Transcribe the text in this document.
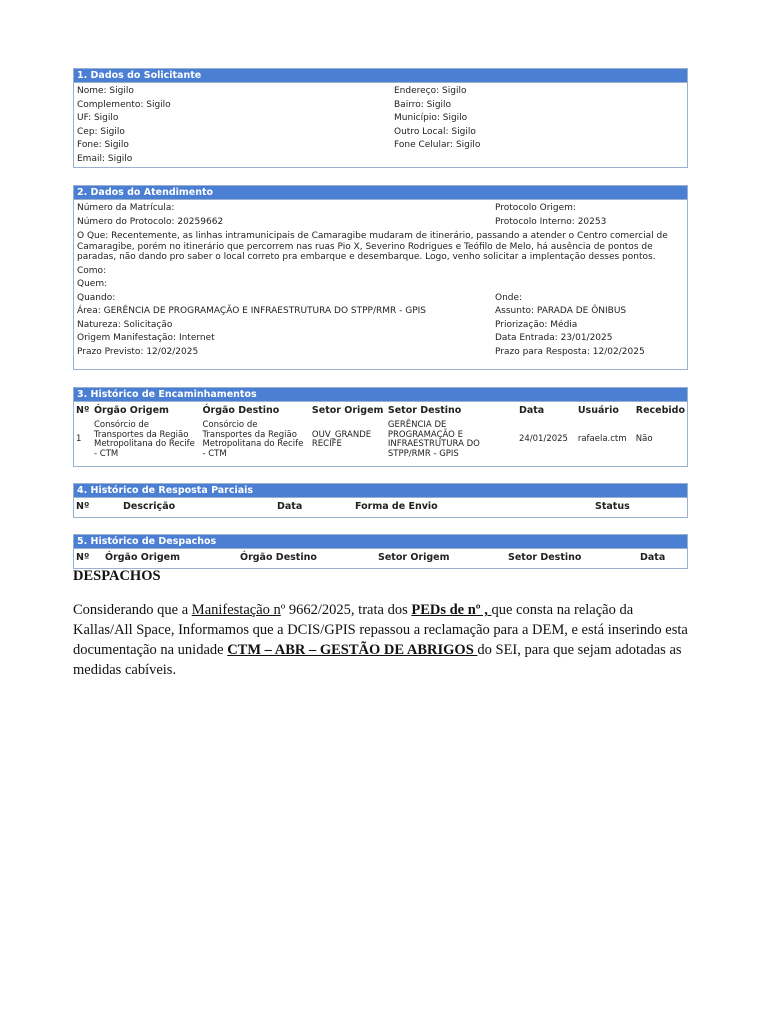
1. Dados do Solicitante
Nome: Sigilo
Complemento: Sigilo
UF: Sigilo
Cep: Sigilo
Fone: Sigilo
Email: Sigilo
Endereço: Sigilo
Bairro: Sigilo
Município: Sigilo
Outro Local: Sigilo
Fone Celular: Sigilo
2. Dados do Atendimento
Número da Matrícula:	Protocolo Origem:
Número do Protocolo: 20259662	Protocolo Interno: 20253
O Que: Recentemente, as linhas intramunicipais de Camaragibe mudaram de itinerário, passando a atender o Centro comercial de Camaragibe, porém no itinerário que percorrem nas ruas Pio X, Severino Rodrigues e Teófilo de Melo, há ausência de pontos de paradas, não dando pro saber o local correto pra embarque e desembarque. Logo, venho solicitar a implentação desses pontos.
Como:
Quem:
Quando:	Onde:
Área: GERÊNCIA DE PROGRAMAÇÃO E INFRAESTRUTURA DO STPP/RMR - GPIS	Assunto: PARADA DE ÔNIBUS
Natureza: Solicitação	Priorização: Média
Origem Manifestação: Internet	Data Entrada: 23/01/2025
Prazo Previsto: 12/02/2025	Prazo para Resposta: 12/02/2025
3. Histórico de Encaminhamentos
Nº	Órgão Origem	Órgão Destino	Setor Origem	Setor Destino	Data	Usuário	Recebido
1	Consórcio de Transportes da Região Metropolitana do Recife - CTM	Consórcio de Transportes da Região Metropolitana do Recife - CTM	OUV_GRANDE RECIFE	GERÊNCIA DE PROGRAMAÇÃO E INFRAESTRUTURA DO STPP/RMR - GPIS	24/01/2025	rafaela.ctm	Não
4. Histórico de Resposta Parciais
Nº	Descrição	Data	Forma de Envio	Status
5. Histórico de Despachos
Nº	Órgão Origem	Órgão Destino	Setor Origem	Setor Destino	Data
DESPACHOS
Considerando que a Manifestação nº 9662/2025, trata dos PEDs de nº , que consta na relação da Kallas/All Space, Informamos que a DCIS/GPIS repassou a reclamação para a DEM, e está inserindo esta documentação na unidade CTM – ABR – GESTÃO DE ABRIGOS do SEI, para que sejam adotadas as medidas cabíveis.
